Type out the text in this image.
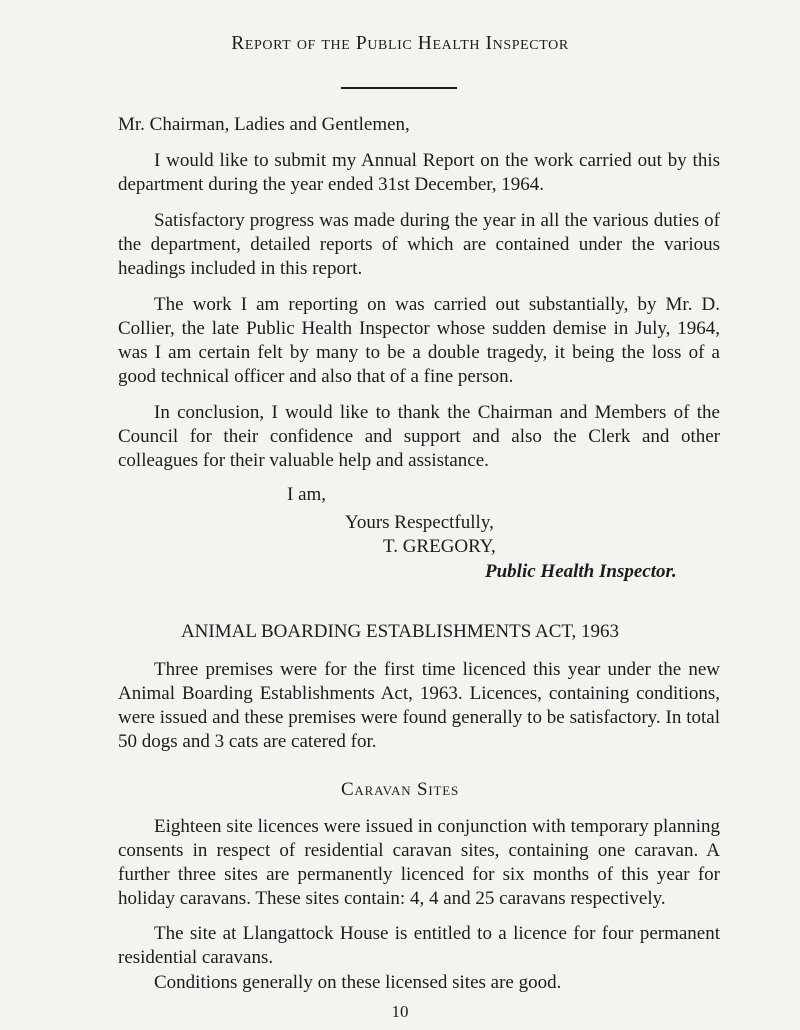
Report of the Public Health Inspector

Mr. Chairman, Ladies and Gentlemen,

I would like to submit my Annual Report on the work carried out by this department during the year ended 31st December, 1964.

Satisfactory progress was made during the year in all the various duties of the department, detailed reports of which are contained under the various headings included in this report.

The work I am reporting on was carried out substantially, by Mr. D. Collier, the late Public Health Inspector whose sudden demise in July, 1964, was I am certain felt by many to be a double tragedy, it being the loss of a good technical officer and also that of a fine person.

In conclusion, I would like to thank the Chairman and Members of the Council for their confidence and support and also the Clerk and other colleagues for their valuable help and assistance.

I am,

Yours Respectfully,

T. GREGORY,

Public Health Inspector.

ANIMAL BOARDING ESTABLISHMENTS ACT, 1963

Three premises were for the first time licenced this year under the new Animal Boarding Establishments Act, 1963. Licences, containing conditions, were issued and these premises were found generally to be satisfactory. In total 50 dogs and 3 cats are catered for.

Caravan Sites

Eighteen site licences were issued in conjunction with temporary planning consents in respect of residential caravan sites, containing one caravan. A further three sites are permanently licenced for six months of this year for holiday caravans. These sites contain: 4, 4 and 25 caravans respectively.

The site at Llangattock House is entitled to a licence for four permanent residential caravans.

Conditions generally on these licensed sites are good.

10
